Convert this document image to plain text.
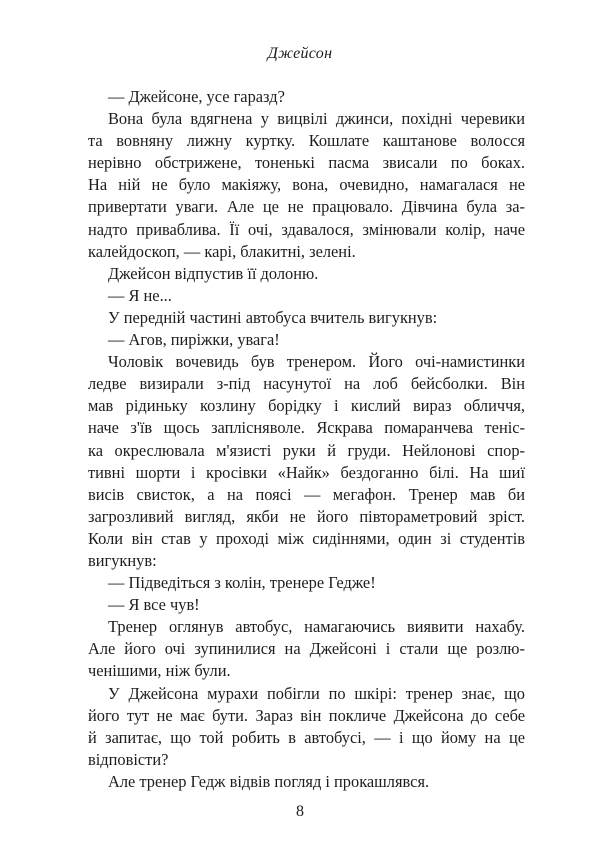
Джейсон
— Джейсоне, усе гаразд?
Вона була вдягнена у вицвілі джинси, похідні черевики
та вовняну лижну куртку. Кошлате каштанове волосся
нерівно обстрижене, тоненькі пасма звисали по боках.
На ній не було макіяжу, вона, очевидно, намагалася не
привертати уваги. Але це не працювало. Дівчина була за-
надто приваблива. Її очі, здавалося, змінювали колір, наче
калейдоскоп, — карі, блакитні, зелені.
Джейсон відпустив її долоню.
— Я не...
У передній частині автобуса вчитель вигукнув:
— Агов, пиріжки, увага!
Чоловік вочевидь був тренером. Його очі-намистинки
ледве визирали з-під насунутої на лоб бейсболки. Він
мав рідиньку козлину борідку і кислий вираз обличчя,
наче з'їв щось заплісняволе. Яскрава помаранчева теніс-
ка окреслювала м'язисті руки й груди. Нейлонові спор-
тивні шорти і кросівки «Найк» бездоганно білі. На шиї
висів свисток, а на поясі — мегафон. Тренер мав би
загрозливий вигляд, якби не його півтораметровий зріст.
Коли він став у проході між сидіннями, один зі студентів
вигукнув:
— Підведіться з колін, тренере Гедже!
— Я все чув!
Тренер оглянув автобус, намагаючись виявити нахабу.
Але його очі зупинилися на Джейсоні і стали ще розлю-
ченішими, ніж були.
У Джейсона мурахи побігли по шкірі: тренер знає, що
його тут не має бути. Зараз він покличе Джейсона до себе
й запитає, що той робить в автобусі, — і що йому на це
відповісти?
Але тренер Гедж відвів погляд і прокашлявся.
8
